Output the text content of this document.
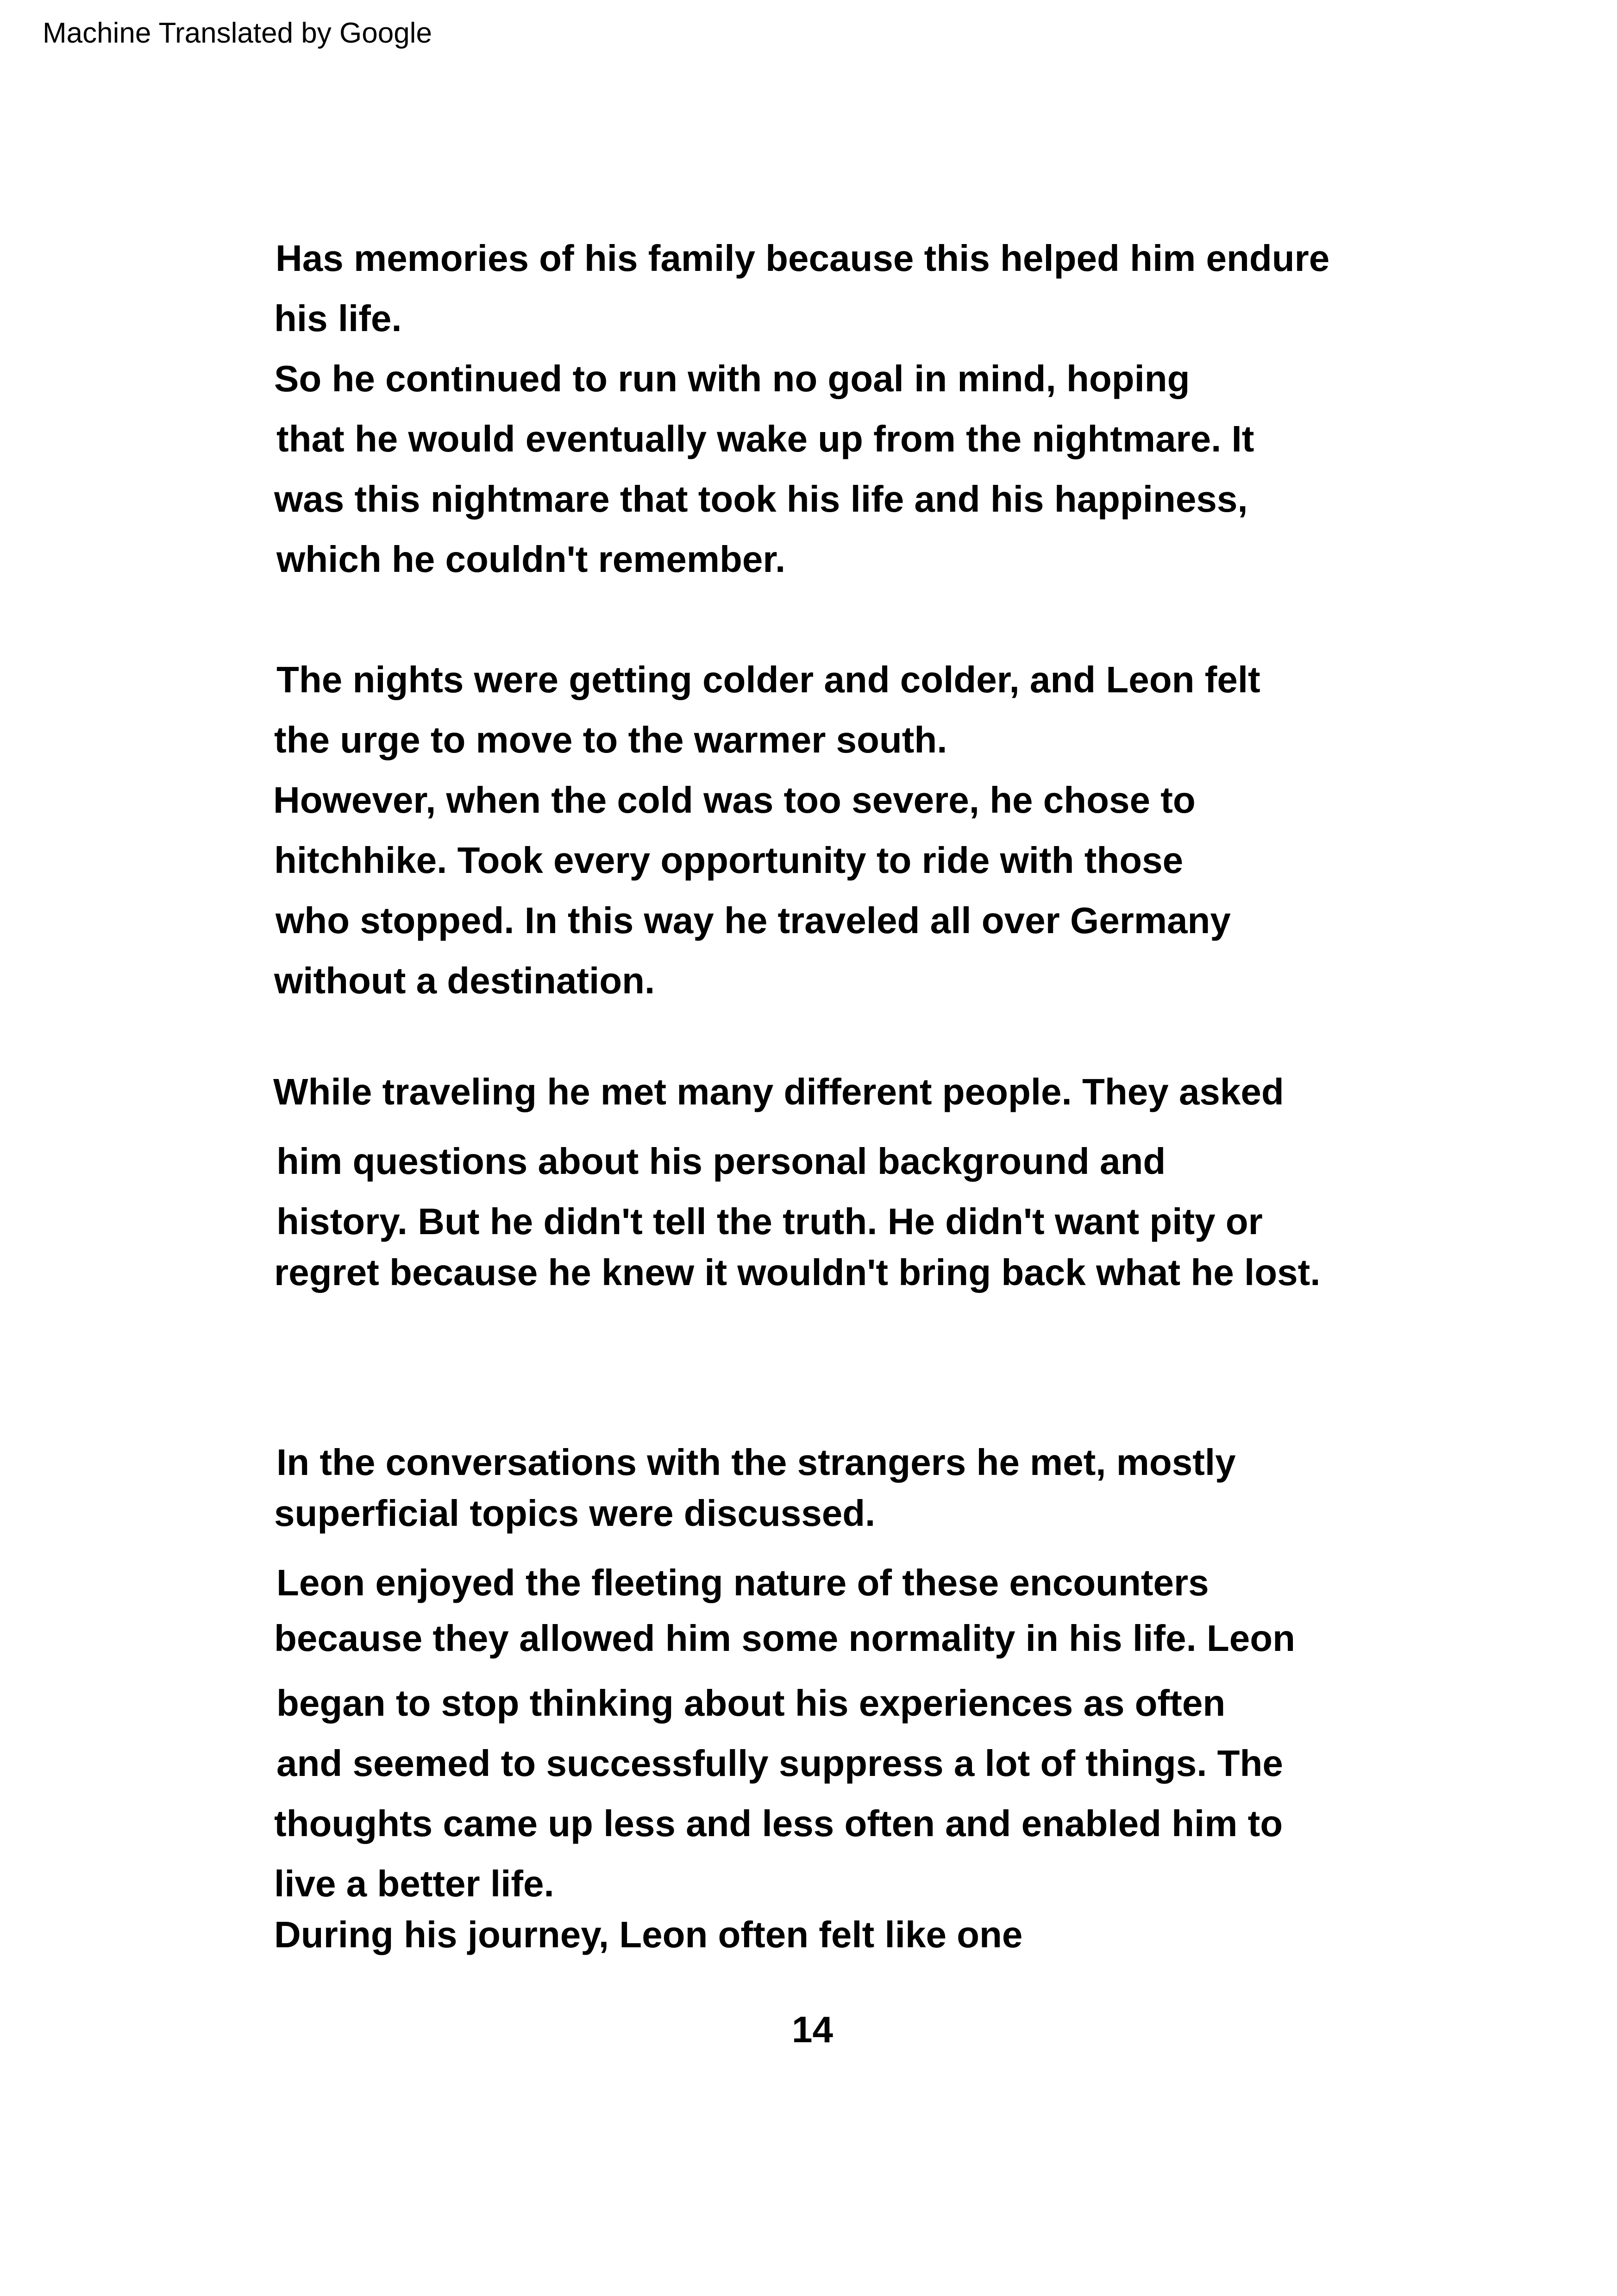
Machine Translated by Google
Has memories of his family because this helped him endure
his life.
So he continued to run with no goal in mind, hoping
that he would eventually wake up from the nightmare. It
was this nightmare that took his life and his happiness,
which he couldn't remember.
The nights were getting colder and colder, and Leon felt
the urge to move to the warmer south.
However, when the cold was too severe, he chose to
hitchhike. Took every opportunity to ride with those
who stopped. In this way he traveled all over Germany
without a destination.
While traveling he met many different people. They asked
him questions about his personal background and
history. But he didn't tell the truth. He didn't want pity or
regret because he knew it wouldn't bring back what he lost.
In the conversations with the strangers he met, mostly
superficial topics were discussed.
Leon enjoyed the fleeting nature of these encounters
because they allowed him some normality in his life. Leon
began to stop thinking about his experiences as often
and seemed to successfully suppress a lot of things. The
thoughts came up less and less often and enabled him to
live a better life.
During his journey, Leon often felt like one
14
